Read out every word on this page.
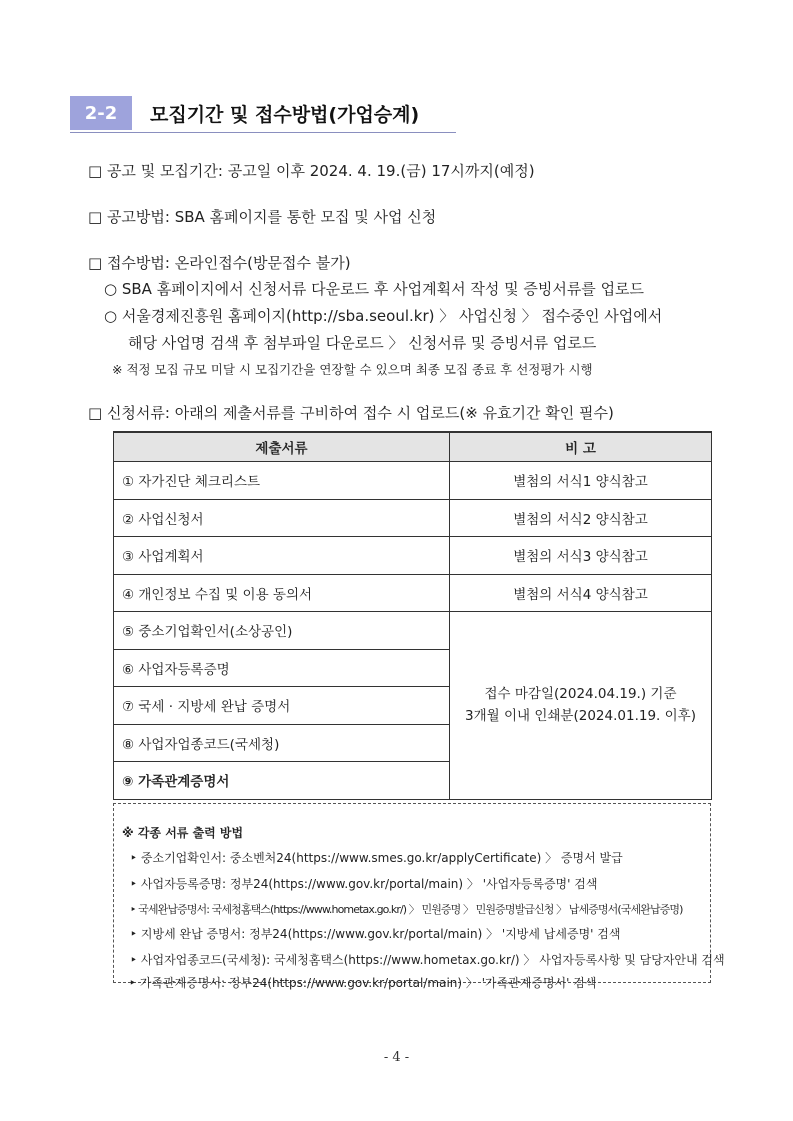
2-2	모집기간 및 접수방법(가업승계)
□ 공고 및 모집기간: 공고일 이후 2024. 4. 19.(금) 17시까지(예정)
□ 공고방법: SBA 홈페이지를 통한 모집 및 사업 신청
□ 접수방법: 온라인접수(방문접수 불가)
○ SBA 홈페이지에서 신청서류 다운로드 후 사업계획서 작성 및 증빙서류를 업로드
○ 서울경제진흥원 홈페이지(http://sba.seoul.kr) 〉 사업신청 〉 접수중인 사업에서
해당 사업명 검색 후 첨부파일 다운로드 〉 신청서류 및 증빙서류 업로드
※ 적정 모집 규모 미달 시 모집기간을 연장할 수 있으며 최종 모집 종료 후 선정평가 시행
□ 신청서류: 아래의 제출서류를 구비하여 접수 시 업로드(※ 유효기간 확인 필수)
제출서류	비 고
① 자가진단 체크리스트	별첨의 서식1 양식참고
② 사업신청서	별첨의 서식2 양식참고
③ 사업계획서	별첨의 서식3 양식참고
④ 개인정보 수집 및 이용 동의서	별첨의 서식4 양식참고
⑤ 중소기업확인서(소상공인)	접수 마감일(2024.04.19.) 기준
3개월 이내 인쇄분(2024.01.19. 이후)

⑥ 사업자등록증명	
⑦ 국세 · 지방세 완납 증명서	
⑧ 사업자업종코드(국세청)	
⑨ 가족관계증명서	
※ 각종 서류 출력 방법
‣ 중소기업확인서: 중소벤처24(https://www.smes.go.kr/applyCertificate) 〉 증명서 발급
‣ 사업자등록증명: 정부24(https://www.gov.kr/portal/main) 〉 '사업자등록증명' 검색
‣ 국세완납증명서: 국세청홈택스(https://www.hometax.go.kr/) 〉 민원증명 〉 민원증명발급신청 〉 납세증명서(국세완납증명)
‣ 지방세 완납 증명서: 정부24(https://www.gov.kr/portal/main) 〉 '지방세 납세증명' 검색
‣ 사업자업종코드(국세청): 국세청홈택스(https://www.hometax.go.kr/) 〉 사업자등록사항 및 담당자안내 검색
‣ 가족관계증명서: 정부24(https://www.gov.kr/portal/main) 〉 '가족관계증명서' 검색
- 4 -
